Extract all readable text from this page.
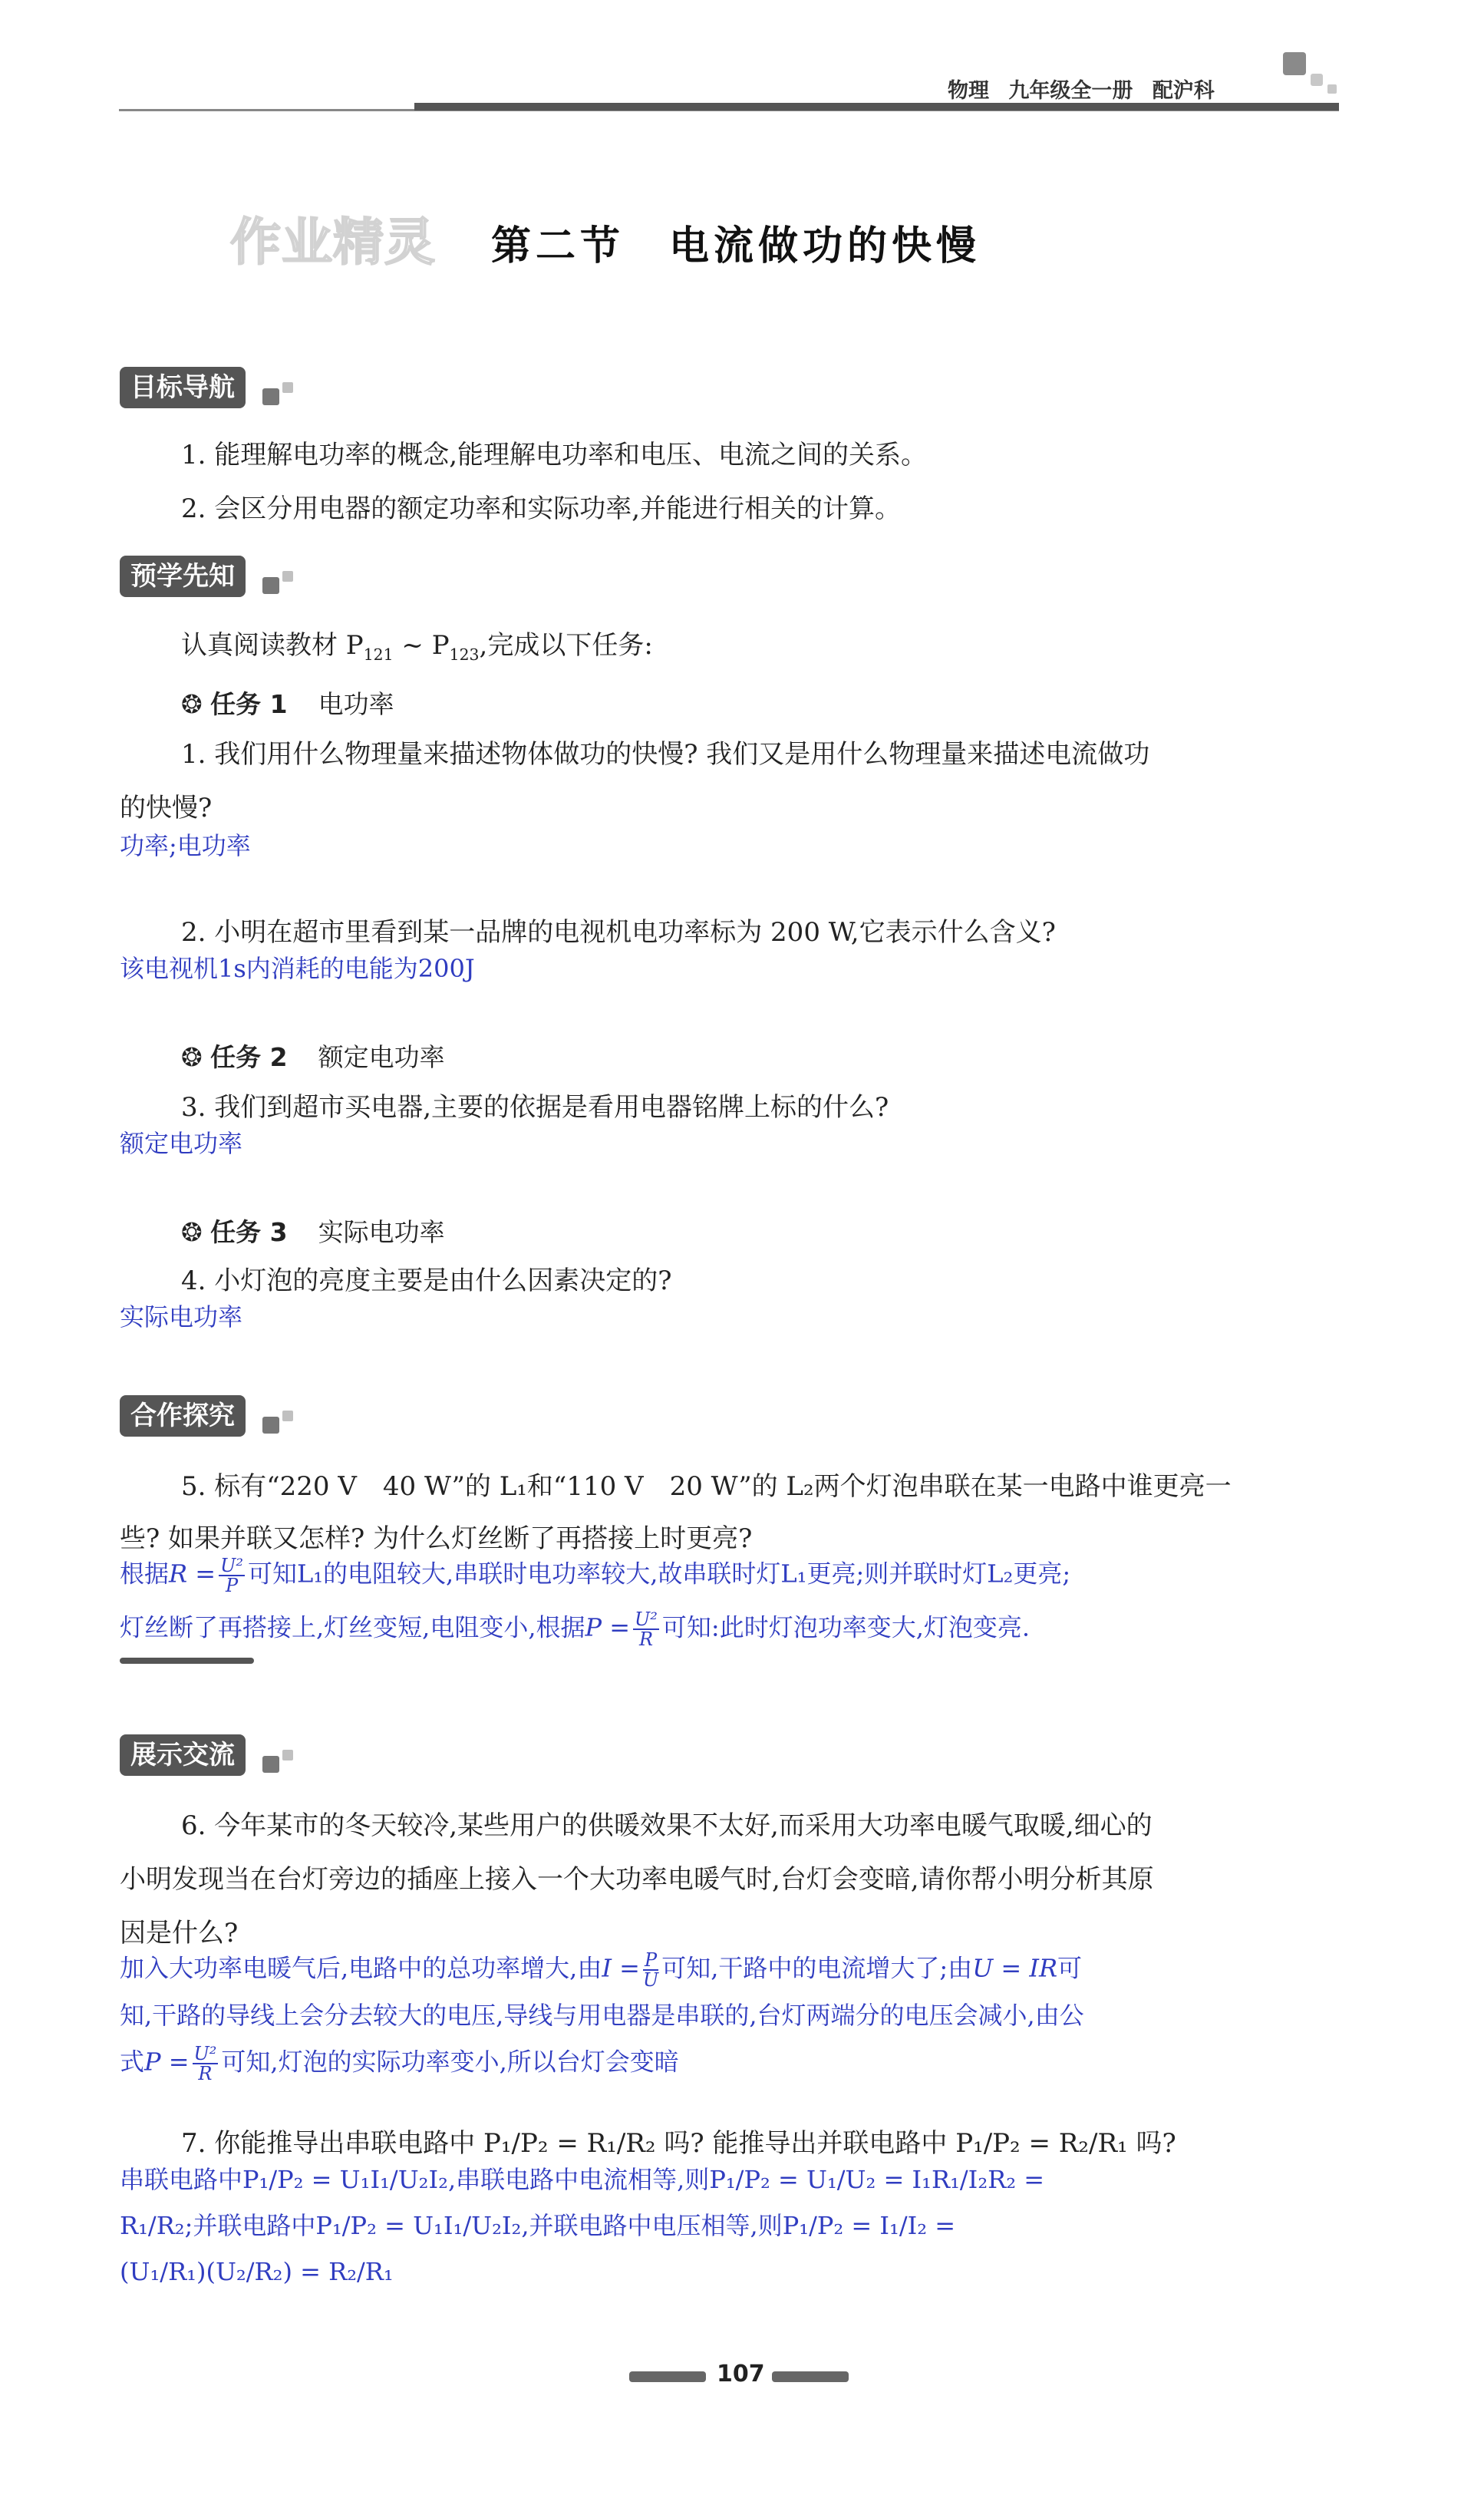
物理 九年级全一册 配沪科
作业精灵 第二节　电流做功的快慢
目标导航
1. 能理解电功率的概念,能理解电功率和电压、电流之间的关系。
2. 会区分用电器的额定功率和实际功率,并能进行相关的计算。
预学先知
认真阅读教材 $P_{121}$ ~ $P_{123}$,完成以下任务:
❂ 任务 1 电功率
1. 我们用什么物理量来描述物体做功的快慢? 我们又是用什么物理量来描述电流做功
的快慢?
功率;电功率
2. 小明在超市里看到某一品牌的电视机电功率标为 200 W,它表示什么含义?
该电视机1s内消耗的电能为200J
❂ 任务 2 额定电功率
3. 我们到超市买电器,主要的依据是看用电器铭牌上标的什么?
额定电功率
❂ 任务 3 实际电功率
4. 小灯泡的亮度主要是由什么因素决定的?
实际电功率
合作探究
5. 标有“220 V　40 W”的 L₁和“110 V　20 W”的 L₂两个灯泡串联在某一电路中谁更亮一
些? 如果并联又怎样? 为什么灯丝断了再搭接上时更亮?
根据$R = \frac{\text{U²}}{P}$ 可知L₁的电阻较大,串联时电功率较大,故串联时灯L₁更亮;则并联时灯L₂更亮;
灯丝断了再搭接上,灯丝变短,电阻变小,根据$P = \frac{\text{U²}}{R}$ 可知:此时灯泡功率变大,灯泡变亮.
展示交流
6. 今年某市的冬天较冷,某些用户的供暖效果不太好,而采用大功率电暖气取暖,细心的
小明发现当在台灯旁边的插座上接入一个大功率电暖气时,台灯会变暗,请你帮小明分析其原
因是什么?
加入大功率电暖气后,电路中的总功率增大,由$I = \frac{P}{U}$ 可知,干路中的电流增大了;由U = IR可
知,干路的导线上会分去较大的电压,导线与用电器是串联的,台灯两端分的电压会减小,由公
式$P = \frac{\text{U²}}{R}$ 可知,灯泡的实际功率变小,所以台灯会变暗
7. 你能推导出串联电路中 P₁/P₂ = R₁/R₂ 吗? 能推导出并联电路中 P₁/P₂ = R₂/R₁ 吗?
串联电路中P₁/P₂ = U₁I₁/U₂I₂,串联电路中电流相等,则P₁/P₂ = U₁/U₂ = I₁R₁/I₂R₂ =
R₁/R₂;并联电路中P₁/P₂ = U₁I₁/U₂I₂,并联电路中电压相等,则P₁/P₂ = I₁/I₂ =
(U₁/R₁)(U₂/R₂) = R₂/R₁
107
